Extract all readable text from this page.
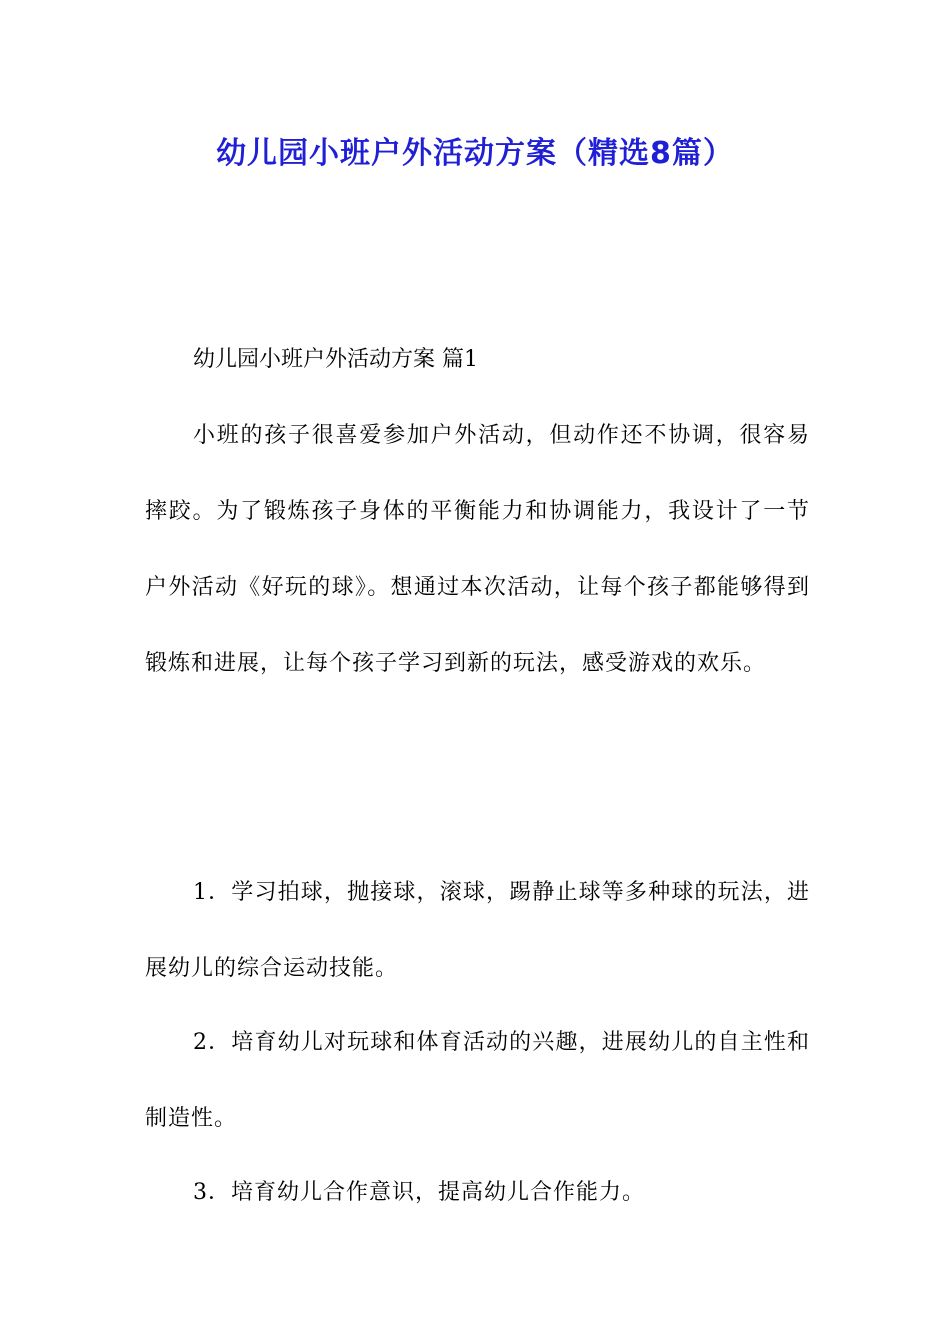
幼儿园小班户外活动方案（精选8篇）

幼儿园小班户外活动方案 篇1

小班的孩子很喜爱参加户外活动，但动作还不协调，很容易摔跤。为了锻炼孩子身体的平衡能力和协调能力，我设计了一节户外活动《好玩的球》。想通过本次活动，让每个孩子都能够得到锻炼和进展，让每个孩子学习到新的玩法，感受游戏的欢乐。

1．学习拍球，抛接球，滚球，踢静止球等多种球的玩法，进展幼儿的综合运动技能。

2．培育幼儿对玩球和体育活动的兴趣，进展幼儿的自主性和制造性。

3．培育幼儿合作意识，提高幼儿合作能力。
